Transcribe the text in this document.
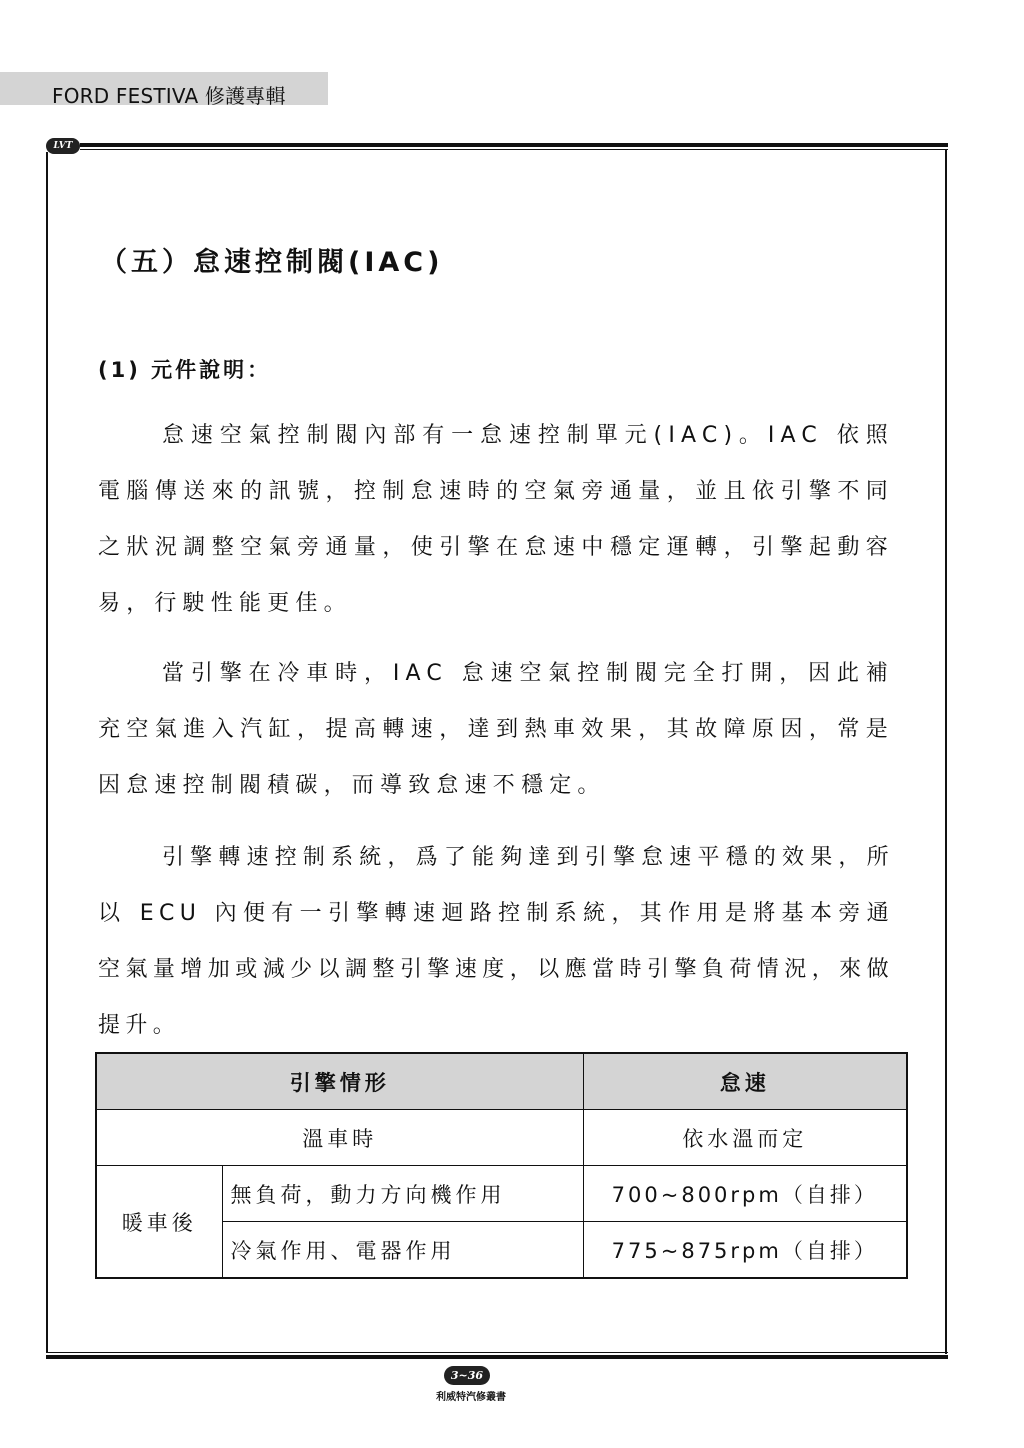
FORD FESTIVA 修護專輯
LVT
（五）怠速控制閥(IAC)
(1) 元件說明：

怠速空氣控制閥內部有一怠速控制單元(IAC)。IAC 依照電腦傳送來的訊號，控制怠速時的空氣旁通量，並且依引擎不同之狀況調整空氣旁通量，使引擎在怠速中穩定運轉，引擎起動容易，行駛性能更佳。

當引擎在冷車時，IAC 怠速空氣控制閥完全打開，因此補充空氣進入汽缸，提高轉速，達到熱車效果，其故障原因，常是因怠速控制閥積碳，而導致怠速不穩定。

引擎轉速控制系統，爲了能夠達到引擎怠速平穩的效果，所以 ECU 內便有一引擎轉速迴路控制系統，其作用是將基本旁通空氣量增加或減少以調整引擎速度，以應當時引擎負荷情況，來做提升。

引擎情形		怠速
溫車時		依水溫而定
暖車後	無負荷，動力方向機作用	700~800rpm（自排）
	冷氣作用、電器作用	775~875rpm（自排）
3~36
利威特汽修叢書
